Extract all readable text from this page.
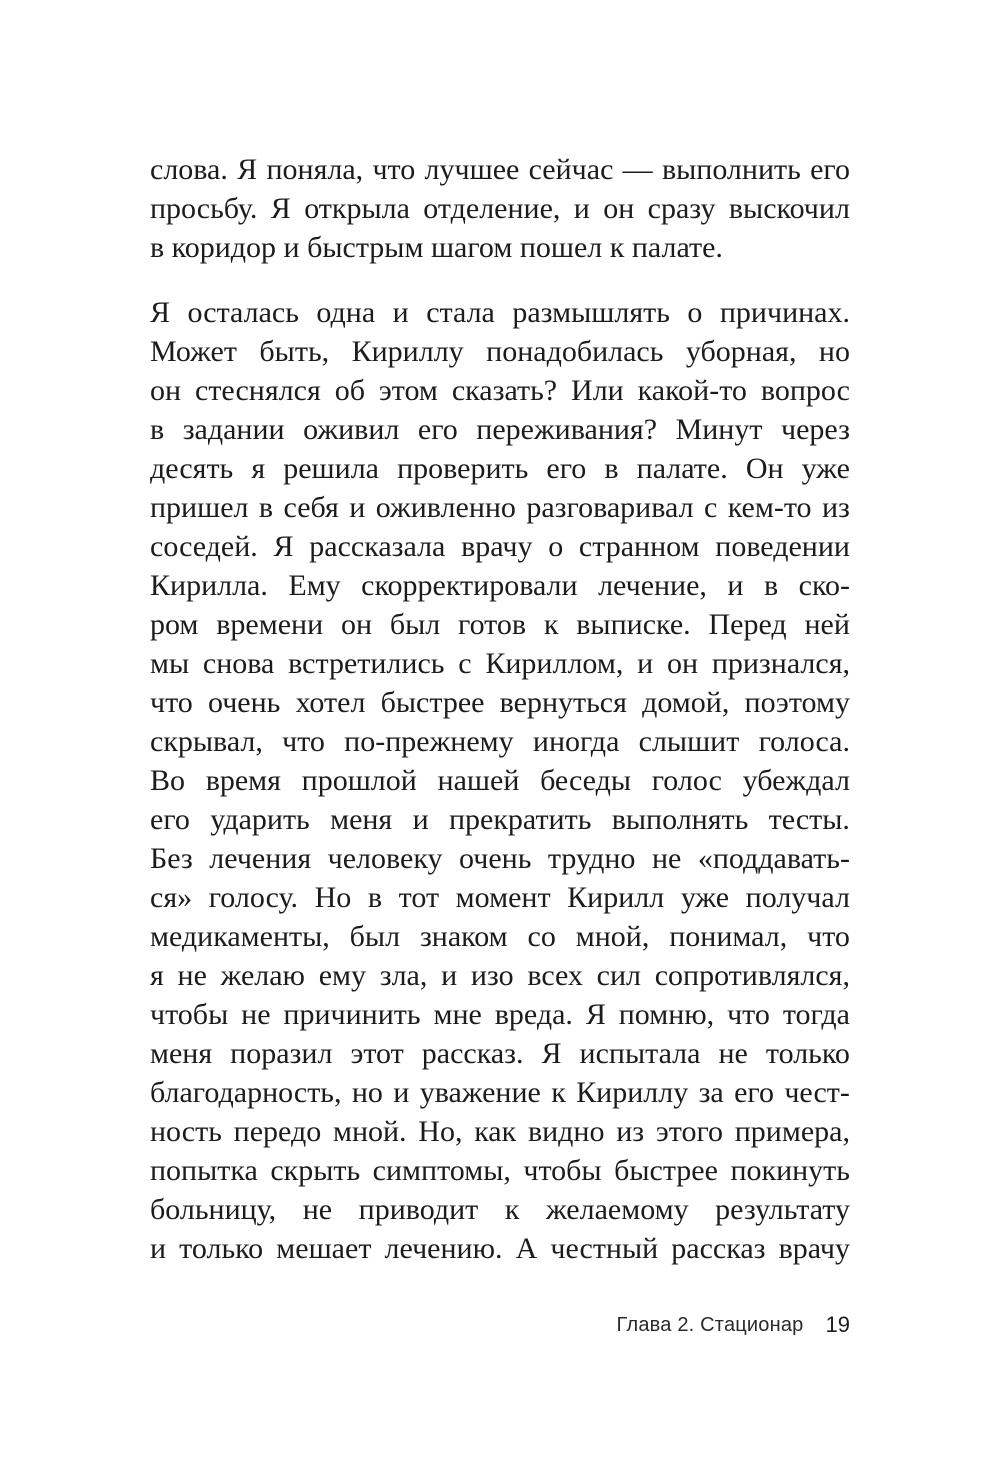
слова. Я поняла, что лучшее сейчас — выполнить его
просьбу. Я открыла отделение, и он сразу выскочил
в коридор и быстрым шагом пошел к палате.
Я осталась одна и стала размышлять о причинах.
Может быть, Кириллу понадобилась уборная, но
он стеснялся об этом сказать? Или какой-то вопрос
в задании оживил его переживания? Минут через
десять я решила проверить его в палате. Он уже
пришел в себя и оживленно разговаривал с кем-то из
соседей. Я рассказала врачу о странном поведении
Кирилла. Ему скорректировали лечение, и в ско-
ром времени он был готов к выписке. Перед ней
мы снова встретились с Кириллом, и он признался,
что очень хотел быстрее вернуться домой, поэтому
скрывал, что по-прежнему иногда слышит голоса.
Во время прошлой нашей беседы голос убеждал
его ударить меня и прекратить выполнять тесты.
Без лечения человеку очень трудно не «поддавать-
ся» голосу. Но в тот момент Кирилл уже получал
медикаменты, был знаком со мной, понимал, что
я не желаю ему зла, и изо всех сил сопротивлялся,
чтобы не причинить мне вреда. Я помню, что тогда
меня поразил этот рассказ. Я испытала не только
благодарность, но и уважение к Кириллу за его чест-
ность передо мной. Но, как видно из этого примера,
попытка скрыть симптомы, чтобы быстрее покинуть
больницу, не приводит к желаемому результату
и только мешает лечению. А честный рассказ врачу
Глава 2. Стационар 19
